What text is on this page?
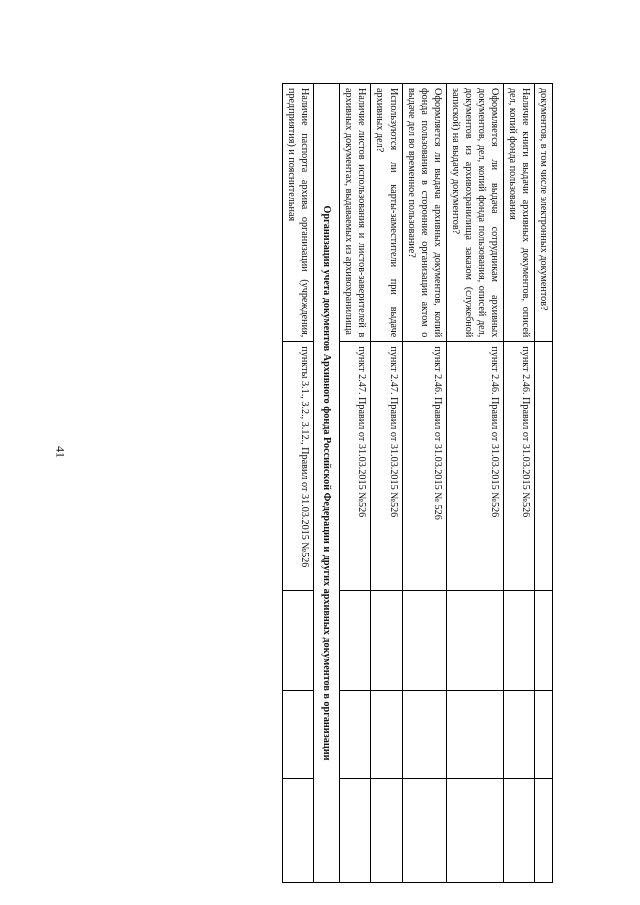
41
документов, в том числе электронных документов?				
Наличие книги выдачи архивных документов, описей дел, копий фонда пользования	пункт 2.46. Правил от 31.03.2015 №526			
Оформляется ли выдача сотрудникам архивных документов, дел, копий фонда пользования, описей дел, документов из архивохранилища заказом (служебной запиской) на выдачу документов?	пункт 2.46. Правил от 31.03.2015 №526			
Оформляется ли выдача архивных документов, копий фонда пользования в сторонние организации актом о выдаче дел во временное пользование?	пункт 2.46. Правил от 31.03.2015 № 526			
Используются ли карты-заместители при выдаче архивных дел?	пункт 2.47. Правил от 31.03.2015 №526			
Наличие листов использования и листов-заверителей в архивных документах, выдаваемых из архивохранилища	пункт 2.47. Правил от 31.03.2015 №526			
Организация учета документов Архивного фонда Российской Федерации и других архивных документов в организации				
Наличие паспорта архива организации (учреждения, предприятия) и пояснительная	пункты 3.1., 3.2., 3.12., Правил от 31.03.2015 №526			
